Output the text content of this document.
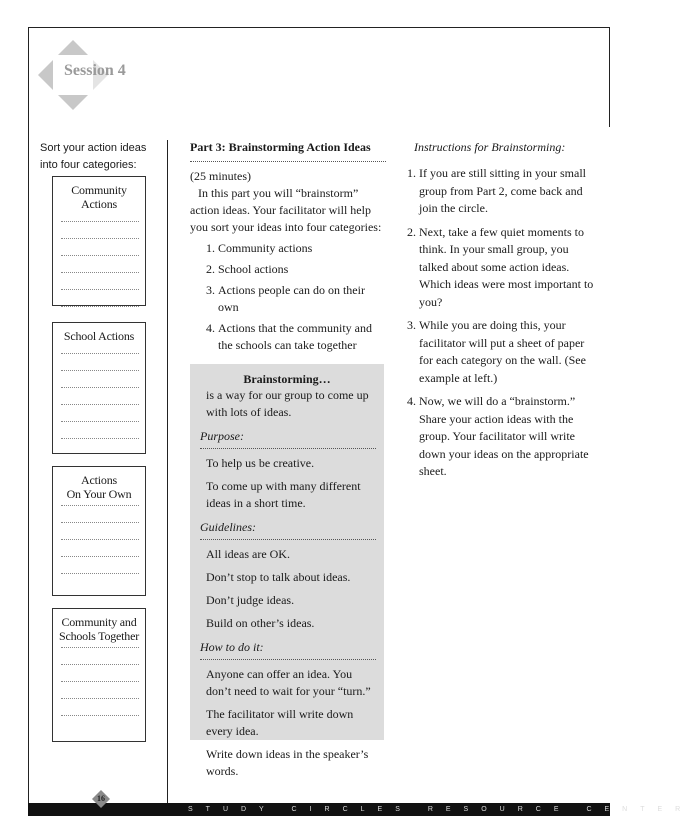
Session 4
Sort your action ideas into four categories:
Community Actions
School Actions
Actions
On Your Own
Community and
Schools Together
Part 3: Brainstorming Action Ideas

(25 minutes)

In this part you will “brainstorm” action ideas. Your facilitator will help you sort your ideas into four categories:

1. Community actions
2. School actions
3. Actions people can do on their own
4. Actions that the community and the schools can take together
Brainstorming…

is a way for our group to come up with lots of ideas.

Purpose:

To help us be creative.

To come up with many different ideas in a short time.

Guidelines:

All ideas are OK.

Don’t stop to talk about ideas.

Don’t judge ideas.

Build on other’s ideas.

How to do it:

Anyone can offer an idea. You don’t need to wait for your “turn.”

The facilitator will write down every idea.

Write down ideas in the speaker’s words.

Instructions for Brainstorming:
1. If you are still sitting in your small group from Part 2, come back and join the circle.
2. Next, take a few quiet moments to think. In your small group, you talked about some action ideas. Which ideas were most important to you?
3. While you are doing this, your facilitator will put a sheet of paper for each category on the wall. (See example at left.)
4. Now, we will do a “brainstorm.” Share your action ideas with the group. Your facilitator will write down your ideas on the appropriate sheet.
STUDY CIRCLES RESOURCE CENTER
16
